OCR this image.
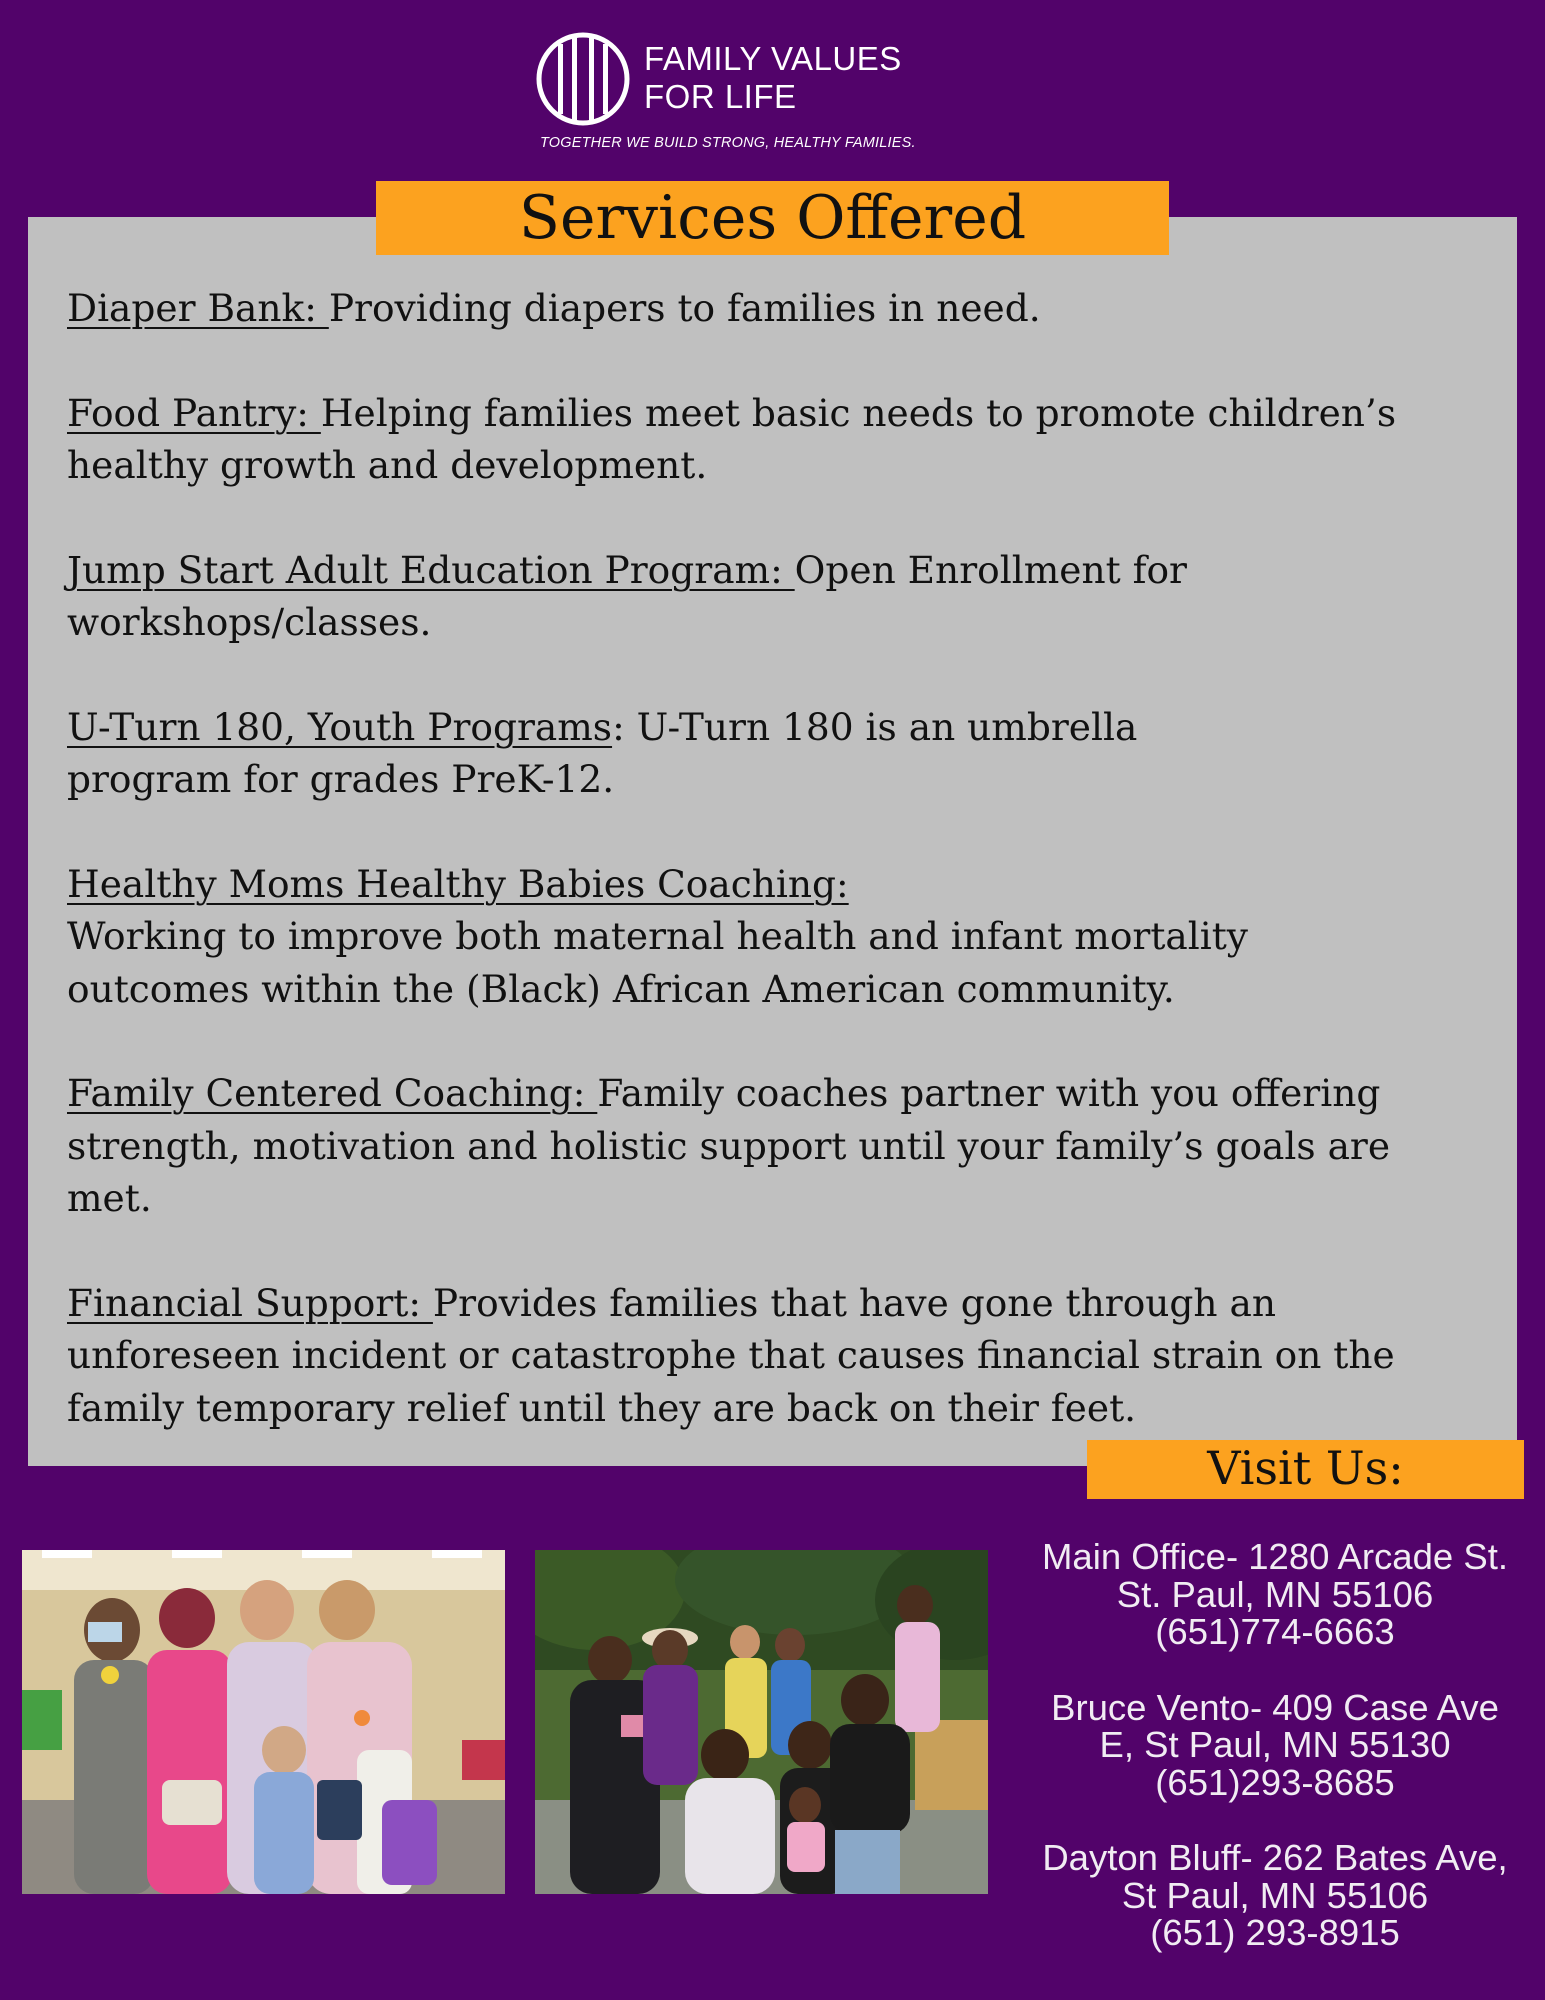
FAMILY VALUES
FOR LIFE
TOGETHER WE BUILD STRONG, HEALTHY FAMILIES.
Services Offered

Diaper Bank: Providing diapers to families in need.

Food Pantry: Helping families meet basic needs to promote children’s healthy growth and development.

Jump Start Adult Education Program: Open Enrollment for workshops/classes.

U-Turn 180, Youth Programs: U-Turn 180 is an umbrella program for grades PreK-12.

Healthy Moms Healthy Babies Coaching:
Working to improve both maternal health and infant mortality outcomes within the (Black) African American community.

Family Centered Coaching: Family coaches partner with you offering strength, motivation and holistic support until your family’s goals are met.

Financial Support: Provides families that have gone through an unforeseen incident or catastrophe that causes financial strain on the family temporary relief until they are back on their feet.

Visit Us:
Main Office- 1280 Arcade St.
St. Paul, MN 55106
(651)774-6663
Bruce Vento- 409 Case Ave
E, St Paul, MN 55130
(651)293-8685
Dayton Bluff- 262 Bates Ave,
St Paul, MN 55106
(651) 293-8915
